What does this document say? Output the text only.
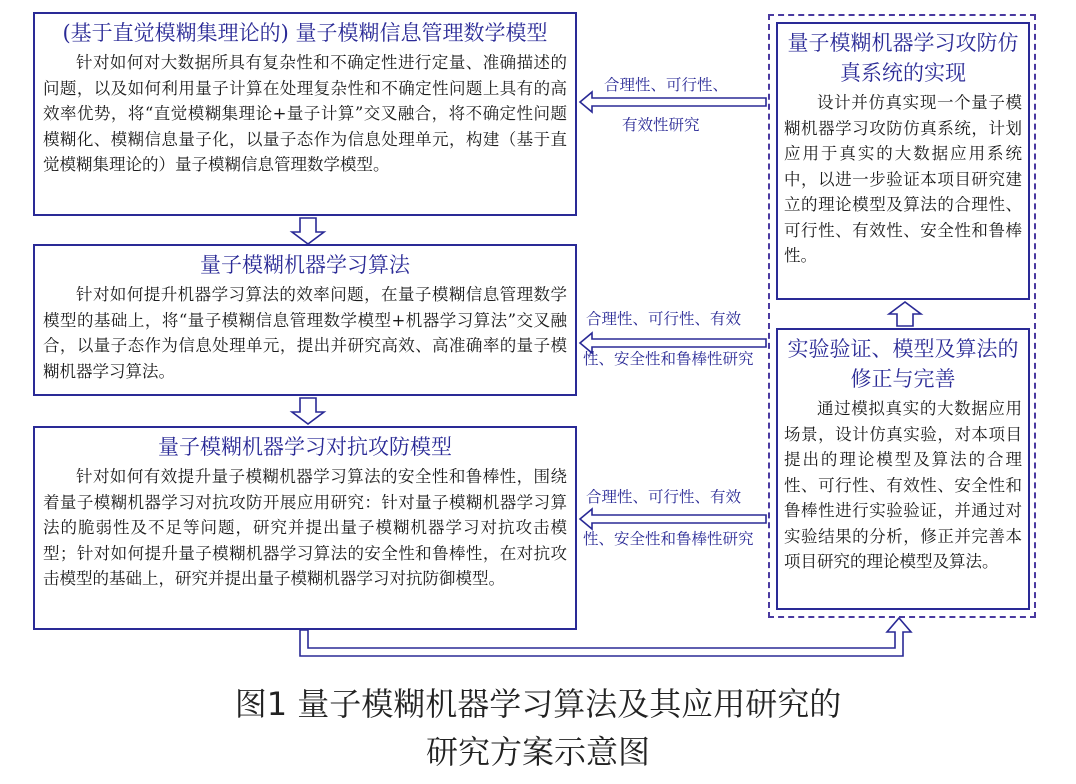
(基于直觉模糊集理论的) 量子模糊信息管理数学模型

针对如何对大数据所具有复杂性和不确定性进行定量、准确描述的问题，以及如何利用量子计算在处理复杂性和不确定性问题上具有的高效率优势，将“直觉模糊集理论+量子计算”交叉融合，将不确定性问题模糊化、模糊信息量子化，以量子态作为信息处理单元，构建（基于直觉模糊集理论的）量子模糊信息管理数学模型。

量子模糊机器学习算法

针对如何提升机器学习算法的效率问题，在量子模糊信息管理数学模型的基础上，将“量子模糊信息管理数学模型+机器学习算法”交叉融合，以量子态作为信息处理单元，提出并研究高效、高准确率的量子模糊机器学习算法。

量子模糊机器学习对抗攻防模型

针对如何有效提升量子模糊机器学习算法的安全性和鲁棒性，围绕着量子模糊机器学习对抗攻防开展应用研究：针对量子模糊机器学习算法的脆弱性及不足等问题，研究并提出量子模糊机器学习对抗攻击模型；针对如何提升量子模糊机器学习算法的安全性和鲁棒性，在对抗攻击模型的基础上，研究并提出量子模糊机器学习对抗防御模型。

量子模糊机器学习攻防仿真系统的实现

设计并仿真实现一个量子模糊机器学习攻防仿真系统，计划应用于真实的大数据应用系统中，以进一步验证本项目研究建立的理论模型及算法的合理性、可行性、有效性、安全性和鲁棒性。

实验验证、模型及算法的修正与完善

通过模拟真实的大数据应用场景，设计仿真实验，对本项目提出的理论模型及算法的合理性、可行性、有效性、安全性和鲁棒性进行实验验证，并通过对实验结果的分析，修正并完善本项目研究的理论模型及算法。

合理性、可行性、
有效性研究
合理性、可行性、有效
性、安全性和鲁棒性研究
合理性、可行性、有效
性、安全性和鲁棒性研究
图1 量子模糊机器学习算法及其应用研究的
研究方案示意图
